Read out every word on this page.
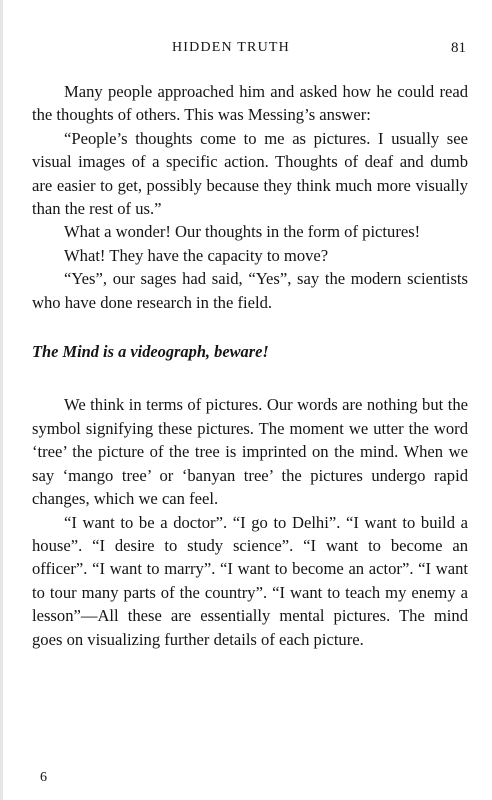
HIDDEN TRUTH	81

Many people approached him and asked how he could read the thoughts of others. This was Messing’s answer:

“People’s thoughts come to me as pictures. I usually see visual images of a specific action. Thoughts of deaf and dumb are easier to get, possibly because they think much more visually than the rest of us.”

What a wonder! Our thoughts in the form of pictures!

What! They have the capacity to move?

“Yes”, our sages had said, “Yes”, say the modern scientists who have done research in the field.

The Mind is a videograph, beware!

We think in terms of pictures. Our words are nothing but the symbol signifying these pictures. The moment we utter the word ‘tree’ the picture of the tree is imprinted on the mind. When we say ‘mango tree’ or ‘banyan tree’ the pictures undergo rapid changes, which we can feel.

“I want to be a doctor”. “I go to Delhi”. “I want to build a house”. “I desire to study science”. “I want to become an officer”. “I want to marry”. “I want to become an actor”. “I want to tour many parts of the country”. “I want to teach my enemy a lesson”—All these are essentially mental pictures. The mind goes on visualizing further details of each picture.

6
